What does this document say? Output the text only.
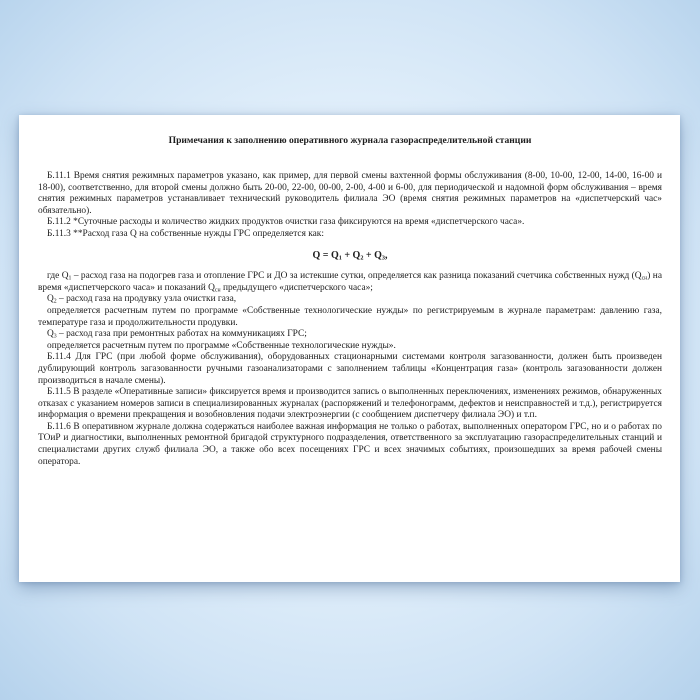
Примечания к заполнению оперативного журнала газораспределительной станции

Б.11.1 Время снятия режимных параметров указано, как пример, для первой смены вахтенной формы обслуживания (8-00, 10-00, 12-00, 14-00, 16-00 и 18-00), соответственно, для второй смены должно быть 20-00, 22-00, 00-00, 2-00, 4-00 и 6-00, для периодической и надомной форм обслуживания – время снятия режимных параметров устанавливает технический руководитель филиала ЭО (время снятия режимных параметров на «диспетчерский час» обязательно).

Б.11.2 *Суточные расходы и количество жидких продуктов очистки газа фиксируются на время «диспетчерского часа».

Б.11.3 **Расход газа Q на собственные нужды ГРС определяется как:

$Q = Q_1 + Q_2 + Q_3$,

где $Q_1$ – расход газа на подогрев газа и отопление ГРС и ДО за истекшие сутки, определяется как разница показаний счетчика собственных нужд $(Q_{сн})$ на время «диспетчерского часа» и показаний $Q_{сн}$ предыдущего «диспетчерского часа»;

$Q_2$ – расход газа на продувку узла очистки газа,

определяется расчетным путем по программе «Собственные технологические нужды» по регистрируемым в журнале параметрам: давлению газа, температуре газа и продолжительности продувки.

$Q_3$ – расход газа при ремонтных работах на коммуникациях ГРС;

определяется расчетным путем по программе «Собственные технологические нужды».

Б.11.4 Для ГРС (при любой форме обслуживания), оборудованных стационарными системами контроля загазованности, должен быть произведен дублирующий контроль загазованности ручными газоанализаторами с заполнением таблицы «Концентрация газа» (контроль загазованности должен производиться в начале смены).

Б.11.5 В разделе «Оперативные записи» фиксируется время и производится запись о выполненных переключениях, изменениях режимов, обнаруженных отказах с указанием номеров записи в специализированных журналах (распоряжений и телефонограмм, дефектов и неисправностей и т.д.), регистрируется информация о времени прекращения и возобновления подачи электроэнергии (с сообщением диспетчеру филиала ЭО) и т.п.

Б.11.6 В оперативном журнале должна содержаться наиболее важная информация не только о работах, выполненных оператором ГРС, но и о работах по ТОиР и диагностики, выполненных ремонтной бригадой структурного подразделения, ответственного за эксплуатацию газораспределительных станций и специалистами других служб филиала ЭО, а также обо всех посещениях ГРС и всех значимых событиях, произошедших за время рабочей смены оператора.
